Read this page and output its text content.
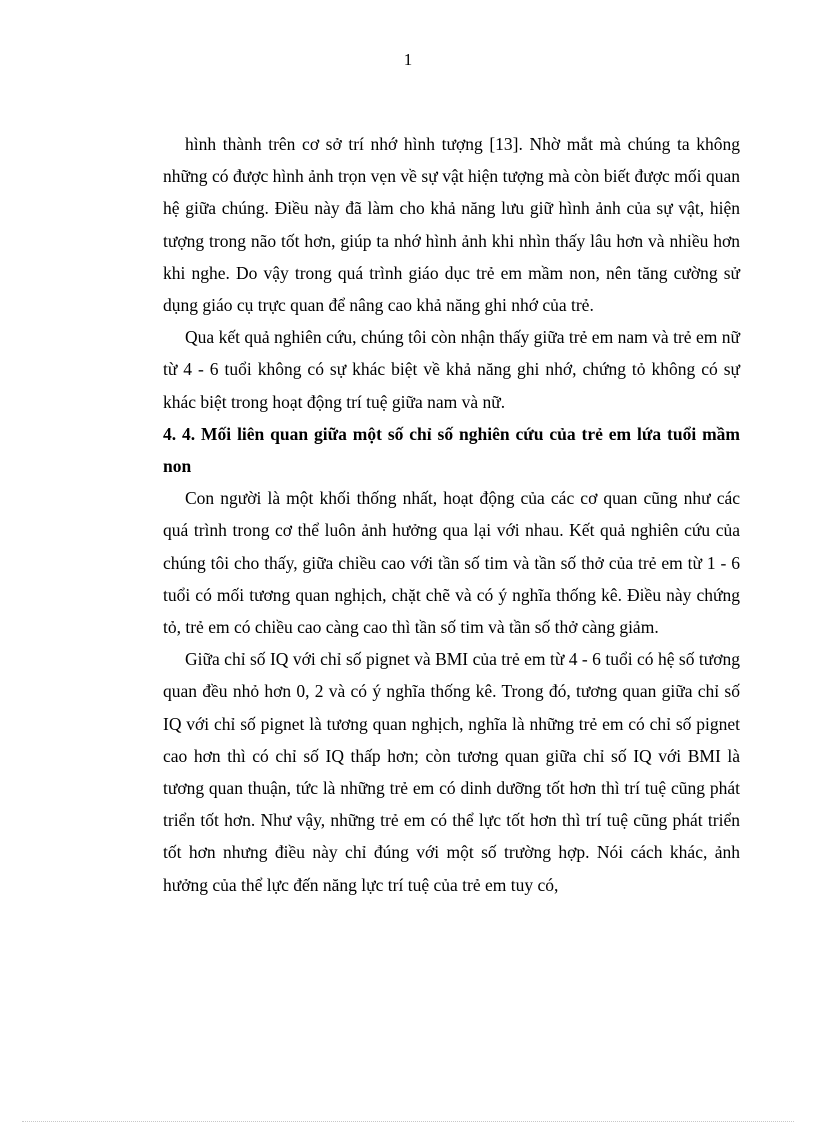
1

hình thành trên cơ sở trí nhớ hình tượng [13]. Nhờ mắt mà chúng ta không những có được hình ảnh trọn vẹn về sự vật hiện tượng mà còn biết được mối quan hệ giữa chúng. Điều này đã làm cho khả năng lưu giữ hình ảnh của sự vật, hiện tượng trong não tốt hơn, giúp ta nhớ hình ảnh khi nhìn thấy lâu hơn và nhiều hơn khi nghe. Do vậy trong quá trình giáo dục trẻ em mầm non, nên tăng cường sử dụng giáo cụ trực quan để nâng cao khả năng ghi nhớ của trẻ.

Qua kết quả nghiên cứu, chúng tôi còn nhận thấy giữa trẻ em nam và trẻ em nữ từ 4 - 6 tuổi không có sự khác biệt về khả năng ghi nhớ, chứng tỏ không có sự khác biệt trong hoạt động trí tuệ giữa nam và nữ.

4. 4. Mối liên quan giữa một số chỉ số nghiên cứu của trẻ em lứa tuổi mầm non

Con người là một khối thống nhất, hoạt động của các cơ quan cũng như các quá trình trong cơ thể luôn ảnh hưởng qua lại với nhau. Kết quả nghiên cứu của chúng tôi cho thấy, giữa chiều cao với tần số tim và tần số thở của trẻ em từ 1 - 6 tuổi có mối tương quan nghịch, chặt chẽ và có ý nghĩa thống kê. Điều này chứng tỏ, trẻ em có chiều cao càng cao thì tần số tim và tần số thở càng giảm.

Giữa chỉ số IQ với chỉ số pignet và BMI của trẻ em từ 4 - 6 tuổi có hệ số tương quan đều nhỏ hơn 0, 2 và có ý nghĩa thống kê. Trong đó, tương quan giữa chỉ số IQ với chỉ số pignet là tương quan nghịch, nghĩa là những trẻ em có chỉ số pignet cao hơn thì có chỉ số IQ thấp hơn; còn tương quan giữa chỉ số IQ với BMI là tương quan thuận, tức là những trẻ em có dinh dưỡng tốt hơn thì trí tuệ cũng phát triển tốt hơn. Như vậy, những trẻ em có thể lực tốt hơn thì trí tuệ cũng phát triển tốt hơn nhưng điều này chỉ đúng với một số trường hợp. Nói cách khác, ảnh hưởng của thể lực đến năng lực trí tuệ của trẻ em tuy có,
